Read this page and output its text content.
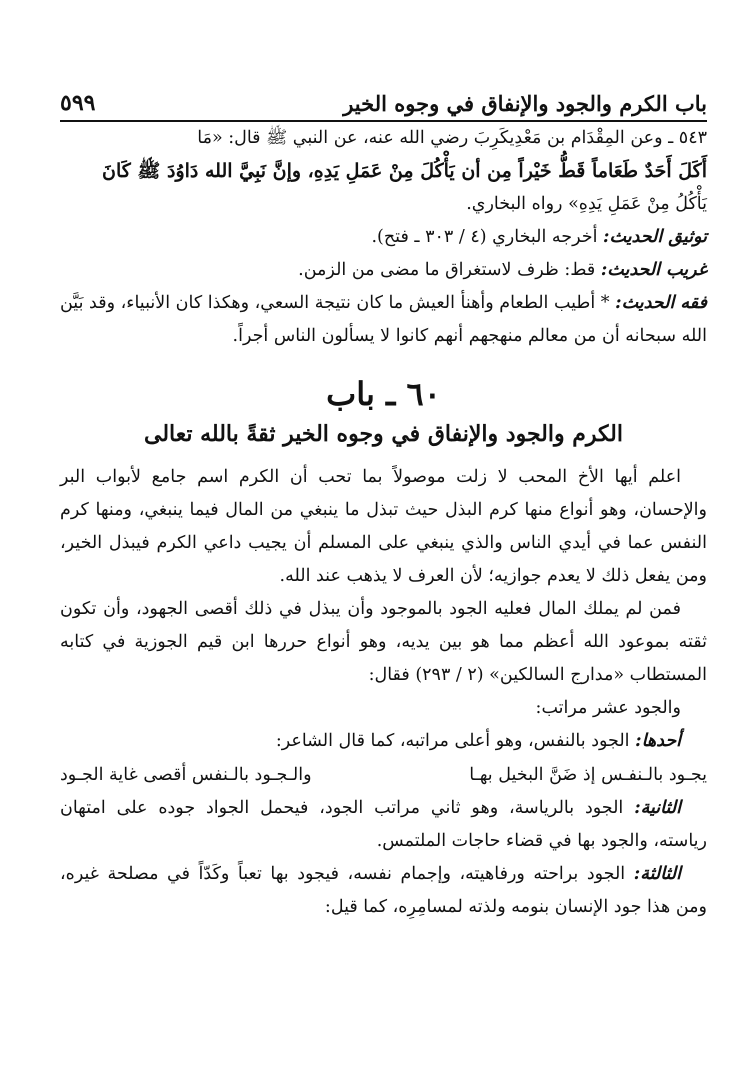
باب الكرم والجود والإنفاق في وجوه الخير
٥٩٩

٥٤٣ ـ وعن المِقْدَام بن مَعْدِيكَرِبَ رضي الله عنه، عن النبي ﷺ قال: «مَا

أَكَلَ أَحَدٌ طَعَاماً قَطُّ خَيْراً مِن أن يَأْكُلَ مِنْ عَمَلِ يَدِهِ، وإنَّ نَبِيَّ الله دَاوُدَ ﷺ كَانَ

يَأْكُلُ مِنْ عَمَلِ يَدِهِ» رواه البخاري.

توثيق الحديث: أخرجه البخاري (٤ / ٣٠٣ ـ فتح).

غريب الحديث: قط: ظرف لاستغراق ما مضى من الزمن.

فقه الحديث: * أطيب الطعام وأهنأ العيش ما كان نتيجة السعي، وهكذا كان الأنبياء، وقد بَيَّن الله سبحانه أن من معالم منهجهم أنهم كانوا لا يسألون الناس أجراً.

٦٠ ـ باب
الكرم والجود والإنفاق في وجوه الخير ثقةً بالله تعالى

اعلم أيها الأخ المحب لا زلت موصولاً بما تحب أن الكرم اسم جامع لأبواب البر والإحسان، وهو أنواع منها كرم البذل حيث تبذل ما ينبغي من المال فيما ينبغي، ومنها كرم النفس عما في أيدي الناس والذي ينبغي على المسلم أن يجيب داعي الكرم فيبذل الخير، ومن يفعل ذلك لا يعدم جوازيه؛ لأن العرف لا يذهب عند الله.

فمن لم يملك المال فعليه الجود بالموجود وأن يبذل في ذلك أقصى الجهود، وأن تكون ثقته بموعود الله أعظم مما هو بين يديه، وهو أنواع حررها ابن قيم الجوزية في كتابه المستطاب «مدارج السالكين» (٢ / ٢٩٣) فقال:

والجود عشر مراتب:

أحدها: الجود بالنفس، وهو أعلى مراتبه، كما قال الشاعر:

يجـود بالـنفـس إذ ضَنَّ البخيل بهـا
والـجـود بالـنفس أقصى غاية الجـود

الثانية: الجود بالرياسة، وهو ثاني مراتب الجود، فيحمل الجواد جوده على امتهان رياسته، والجود بها في قضاء حاجات الملتمس.

الثالثة: الجود براحته ورفاهيته، وإجمام نفسه، فيجود بها تعباً وكَدّاً في مصلحة غيره، ومن هذا جود الإنسان بنومه ولذته لمسامِرِه، كما قيل:
